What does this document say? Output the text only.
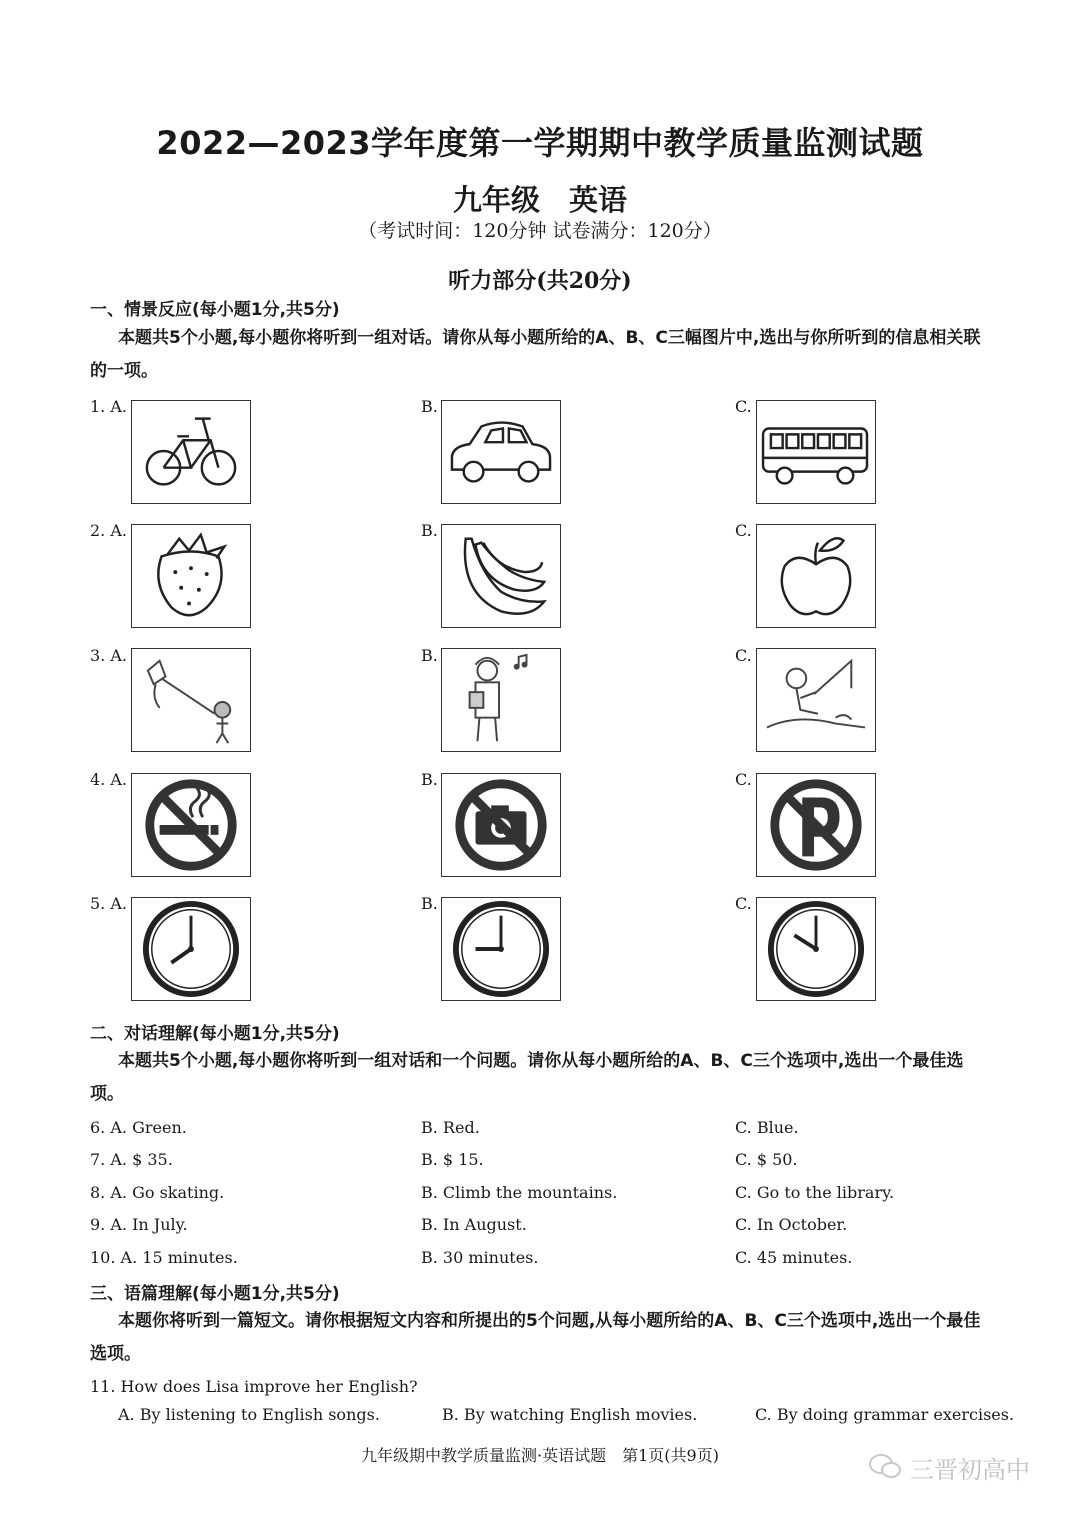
2022—2023学年度第一学期期中教学质量监测试题
九年级　英语
（考试时间：120分钟 试卷满分：120分）
听力部分(共20分)
一、情景反应(每小题1分,共5分)
本题共5个小题,每小题你将听到一组对话。请你从每小题所给的A、B、C三幅图片中,选出与你所听到的信息相关联的一项。
1. A.	B.	C.
2. A.	B.	C.
3. A.	B.	C.
4. A.	B.	C.
5. A.	B.	C.
二、对话理解(每小题1分,共5分)
本题共5个小题,每小题你将听到一组对话和一个问题。请你从每小题所给的A、B、C三个选项中,选出一个最佳选项。
6. A. Green.	B. Red.	C. Blue.
7. A. $ 35.	B. $ 15.	C. $ 50.
8. A. Go skating.	B. Climb the mountains.	C. Go to the library.
9. A. In July.	B. In August.	C. In October.
10. A. 15 minutes.	B. 30 minutes.	C. 45 minutes.
三、语篇理解(每小题1分,共5分)
本题你将听到一篇短文。请你根据短文内容和所提出的5个问题,从每小题所给的A、B、C三个选项中,选出一个最佳选项。
11. How does Lisa improve her English?
A. By listening to English songs.	B. By watching English movies.	C. By doing grammar exercises.
九年级期中教学质量监测·英语试题　第1页(共9页)
三晋初高中
